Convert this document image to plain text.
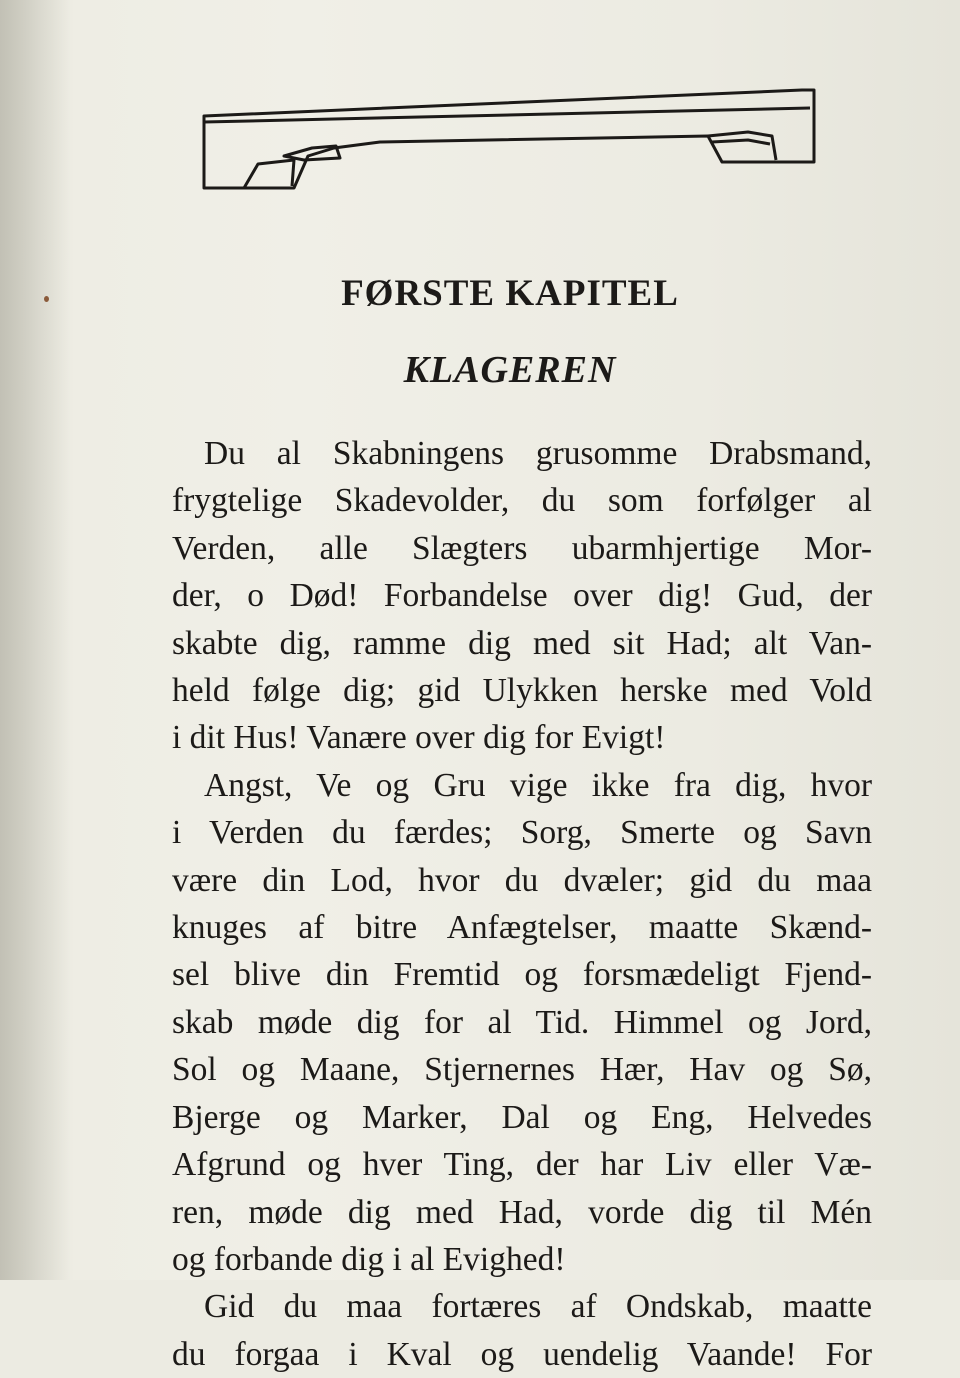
FØRSTE KAPITEL
KLAGEREN

Du al Skabningens grusomme Drabsmand,
frygtelige Skadevolder, du som forfølger al
Verden, alle Slægters ubarmhjertige Mor-
der, o Død! Forbandelse over dig! Gud, der
skabte dig, ramme dig med sit Had; alt Van-
held følge dig; gid Ulykken herske med Vold
i dit Hus! Vanære over dig for Evigt!

Angst, Ve og Gru vige ikke fra dig, hvor
i Verden du færdes; Sorg, Smerte og Savn
være din Lod, hvor du dvæler; gid du maa
knuges af bitre Anfægtelser, maatte Skænd-
sel blive din Fremtid og forsmædeligt Fjend-
skab møde dig for al Tid. Himmel og Jord,
Sol og Maane, Stjernernes Hær, Hav og Sø,
Bjerge og Marker, Dal og Eng, Helvedes
Afgrund og hver Ting, der har Liv eller Væ-
ren, møde dig med Had, vorde dig til Mén
og forbande dig i al Evighed!

Gid du maa fortæres af Ondskab, maatte
du forgaa i Kval og uendelig Vaande! For
